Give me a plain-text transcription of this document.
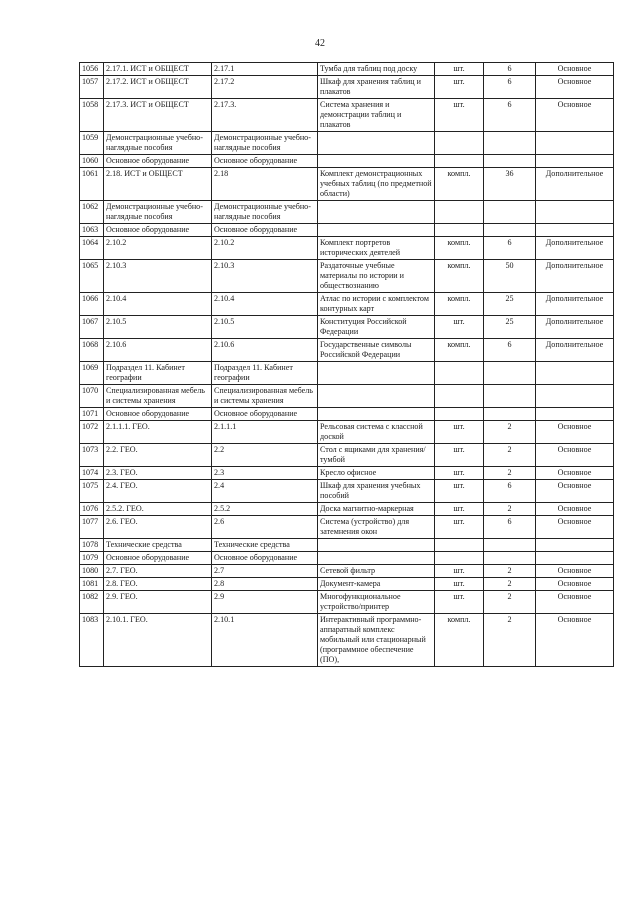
42
1056	2.17.1. ИСТ и ОБЩЕСТ	2.17.1	Тумба для таблиц под доску	шт.	6	Основное
1057	2.17.2. ИСТ и ОБЩЕСТ	2.17.2	Шкаф для хранения таблиц и плакатов	шт.	6	Основное
1058	2.17.3. ИСТ и ОБЩЕСТ	2.17.3.	Система хранения и демонстрации таблиц и плакатов	шт.	6	Основное
1059	Демонстрационные учебно-наглядные пособия	Демонстрационные учебно-наглядные пособия				
1060	Основное оборудование	Основное оборудование				
1061	2.18. ИСТ и ОБЩЕСТ	2.18	Комплект демонстрационных учебных таблиц (по предметной области)	компл.	36	Дополнительное
1062	Демонстрационные учебно-наглядные пособия	Демонстрационные учебно-наглядные пособия				
1063	Основное оборудование	Основное оборудование				
1064	2.10.2	2.10.2	Комплект портретов исторических деятелей	компл.	6	Дополнительное
1065	2.10.3	2.10.3	Раздаточные учебные материалы по истории и обществознанию	компл.	50	Дополнительное
1066	2.10.4	2.10.4	Атлас по истории с комплектом контурных карт	компл.	25	Дополнительное
1067	2.10.5	2.10.5	Конституция Российской Федерации	шт.	25	Дополнительное
1068	2.10.6	2.10.6	Государственные символы Российской Федерации	компл.	6	Дополнительное
1069	Подраздел 11. Кабинет географии	Подраздел 11. Кабинет географии				
1070	Специализированная мебель и системы хранения	Специализированная мебель и системы хранения				
1071	Основное оборудование	Основное оборудование				
1072	2.1.1.1. ГЕО.	2.1.1.1	Рельсовая система с классной доской	шт.	2	Основное
1073	2.2. ГЕО.	2.2	Стол с ящиками для хранения/тумбой	шт.	2	Основное
1074	2.3. ГЕО.	2.3	Кресло офисное	шт.	2	Основное
1075	2.4. ГЕО.	2.4	Шкаф для хранения учебных пособий	шт.	6	Основное
1076	2.5.2. ГЕО.	2.5.2	Доска магнитно-маркерная	шт.	2	Основное
1077	2.6. ГЕО.	2.6	Система (устройство) для затемнения окон	шт.	6	Основное
1078	Технические средства	Технические средства				
1079	Основное оборудование	Основное оборудование				
1080	2.7. ГЕО.	2.7	Сетевой фильтр	шт.	2	Основное
1081	2.8. ГЕО.	2.8	Документ-камера	шт.	2	Основное
1082	2.9. ГЕО.	2.9	Многофункциональное устройство/принтер	шт.	2	Основное
1083	2.10.1. ГЕО.	2.10.1	Интерактивный программно-аппаратный комплекс мобильный или стационарный (программное обеспечение (ПО),	компл.	2	Основное
